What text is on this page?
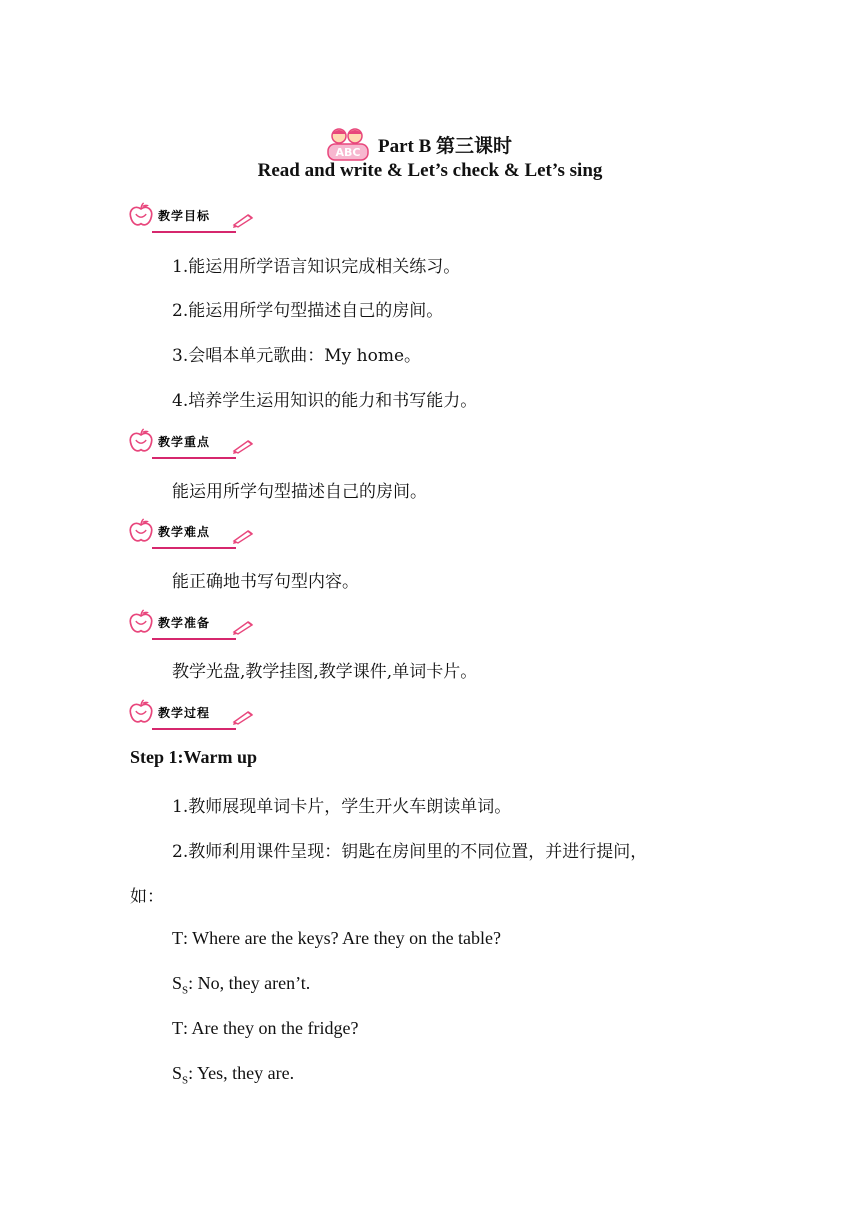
ABC Part B 第三课时
Read and write & Let’s check & Let’s sing
教学目标
1.能运用所学语言知识完成相关练习。
2.能运用所学句型描述自己的房间。
3.会唱本单元歌曲：My home。
4.培养学生运用知识的能力和书写能力。
教学重点
能运用所学句型描述自己的房间。
教学难点
能正确地书写句型内容。
教学准备
教学光盘,教学挂图,教学课件,单词卡片。
教学过程
Step 1:Warm up
1.教师展现单词卡片，学生开火车朗读单词。
2.教师利用课件呈现：钥匙在房间里的不同位置，并进行提问，
如：
T: Where are the keys? Are they on the table?
$S_S$: No, they aren’t.
T: Are they on the fridge?
$S_S$: Yes, they are.
